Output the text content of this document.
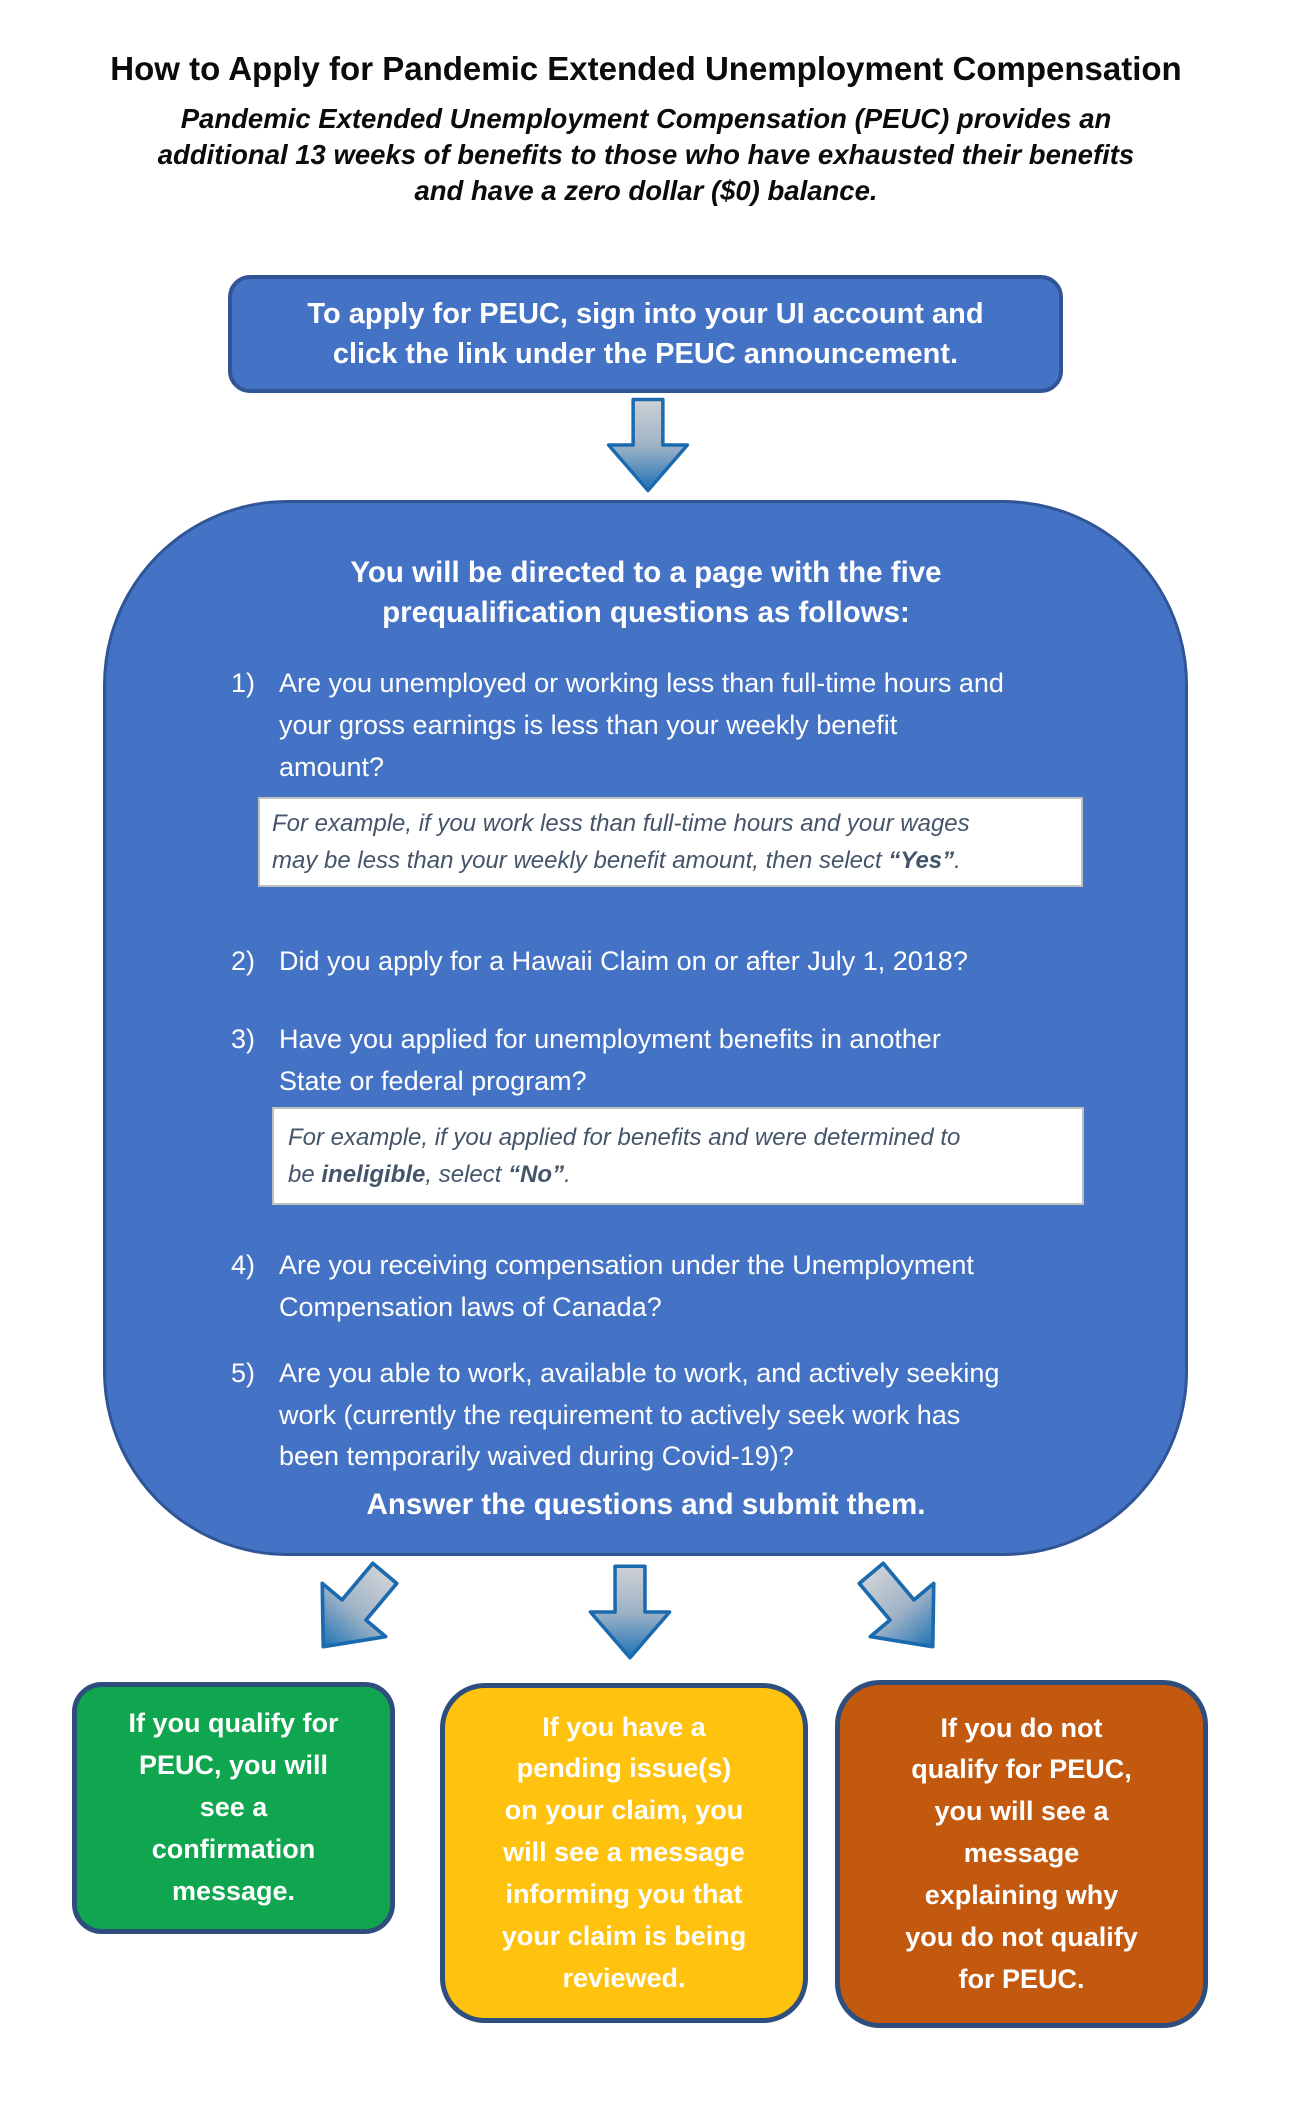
How to Apply for Pandemic Extended Unemployment Compensation
Pandemic Extended Unemployment Compensation (PEUC) provides an
additional 13 weeks of benefits to those who have exhausted their benefits
and have a zero dollar ($0) balance.
To apply for PEUC, sign into your UI account and
click the link under the PEUC announcement.
You will be directed to a page with the five
prequalification questions as follows:
1) Are you unemployed or working less than full-time hours and
your gross earnings is less than your weekly benefit
amount?
For example, if you work less than full-time hours and your wages
may be less than your weekly benefit amount, then select “Yes”.
2) Did you apply for a Hawaii Claim on or after July 1, 2018?
3) Have you applied for unemployment benefits in another
State or federal program?
For example, if you applied for benefits and were determined to
be ineligible, select “No”.
4) Are you receiving compensation under the Unemployment
Compensation laws of Canada?
5) Are you able to work, available to work, and actively seeking
work (currently the requirement to actively seek work has
been temporarily waived during Covid-19)?
Answer the questions and submit them.
If you qualify for
PEUC, you will
see a
confirmation
message.
If you have a
pending issue(s)
on your claim, you
will see a message
informing you that
your claim is being
reviewed.
If you do not
qualify for PEUC,
you will see a
message
explaining why
you do not qualify
for PEUC.
